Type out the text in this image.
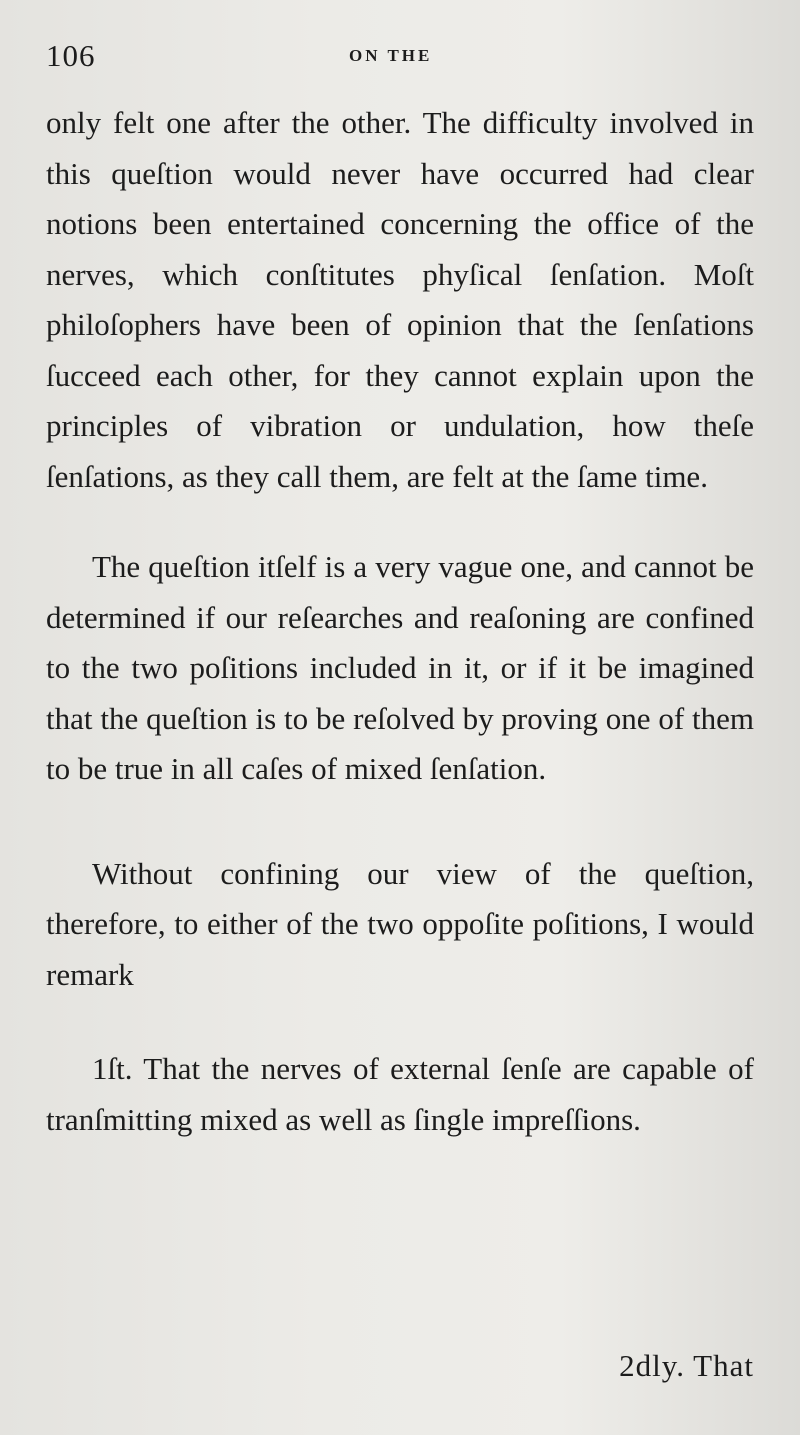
106	ON THE

only felt one after the other. The difficulty involved in this queſtion would never have occurred had clear notions been entertained concerning the office of the nerves, which conſtitutes phyſical ſenſation. Moſt philoſophers have been of opinion that the ſenſations ſucceed each other, for they cannot explain upon the principles of vibration or undulation, how theſe ſenſations, as they call them, are felt at the ſame time.

The queſtion itſelf is a very vague one, and cannot be determined if our reſearches and reaſoning are confined to the two poſitions included in it, or if it be imagined that the queſtion is to be reſolved by proving one of them to be true in all caſes of mixed ſenſation.

Without confining our view of the queſtion, therefore, to either of the two oppoſite poſitions, I would remark

1ſt. That the nerves of external ſenſe are capable of tranſmitting mixed as well as ſingle impreſſions.

2dly. That
